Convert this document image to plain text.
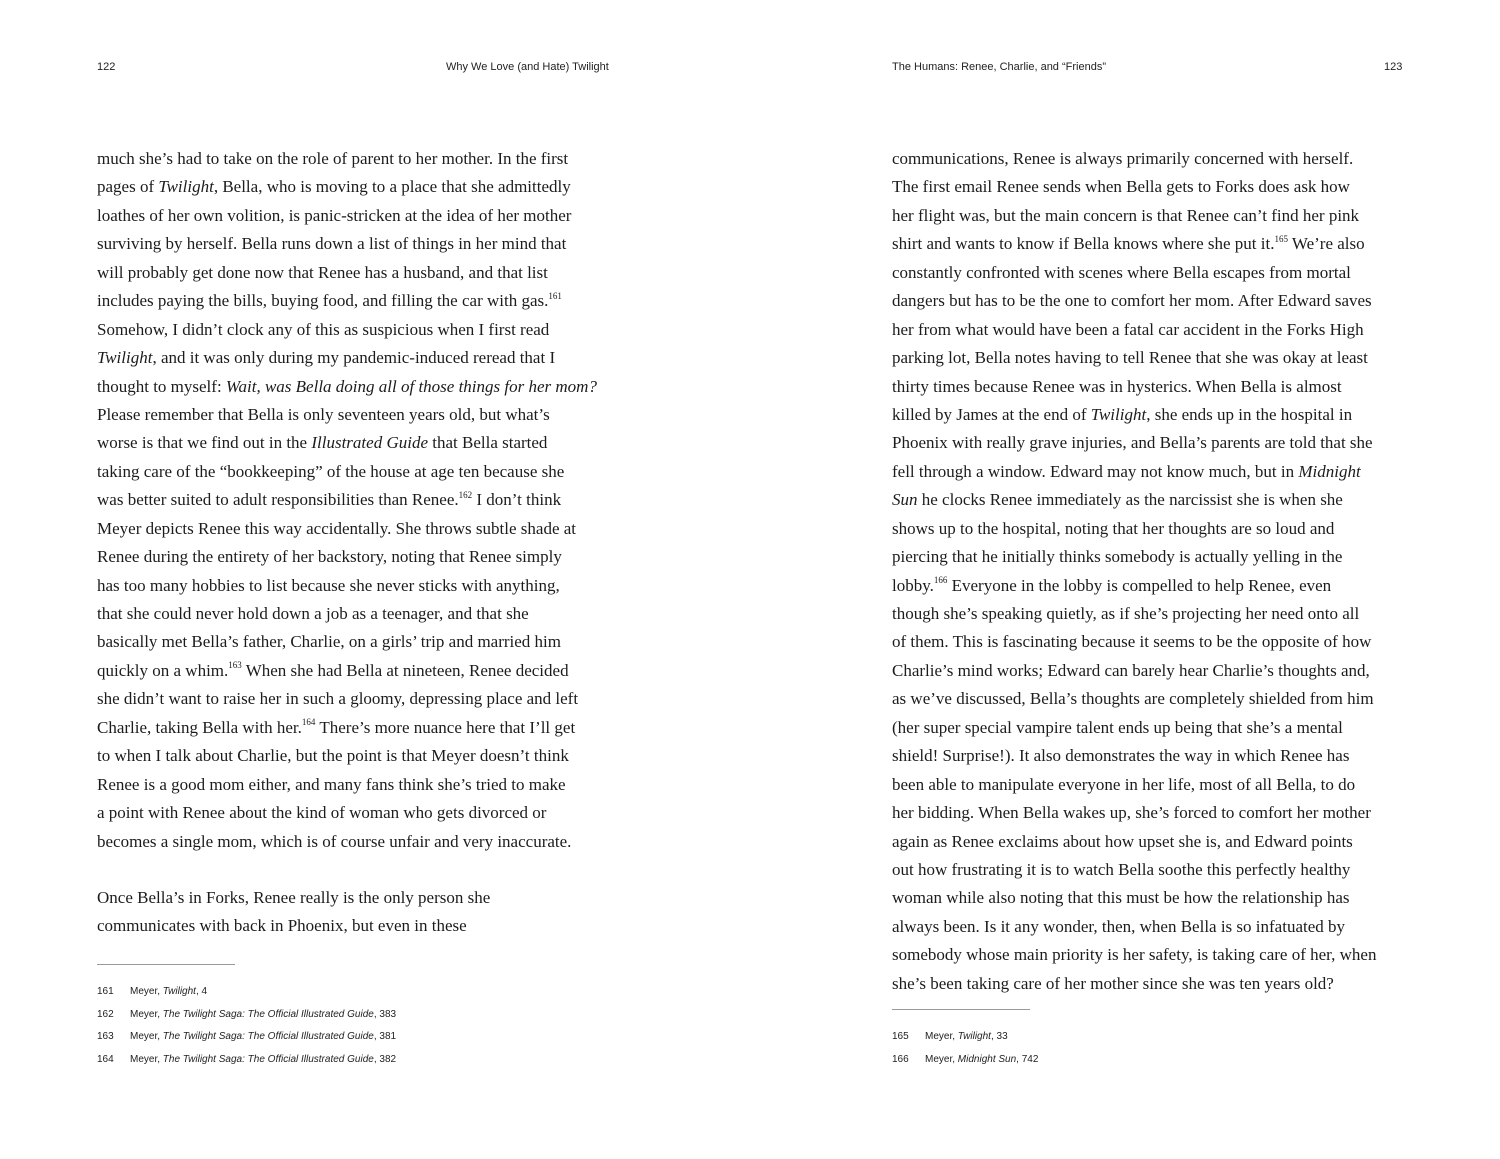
122	Why We Love (and Hate) Twilight
much she’s had to take on the role of parent to her mother. In the first
pages of Twilight, Bella, who is moving to a place that she admittedly
loathes of her own volition, is panic-stricken at the idea of her mother
surviving by herself. Bella runs down a list of things in her mind that
will probably get done now that Renee has a husband, and that list
includes paying the bills, buying food, and filling the car with gas.$^{161}$
Somehow, I didn’t clock any of this as suspicious when I first read
Twilight, and it was only during my pandemic-induced reread that I
thought to myself: Wait, was Bella doing all of those things for her mom?
Please remember that Bella is only seventeen years old, but what’s
worse is that we find out in the Illustrated Guide that Bella started
taking care of the “bookkeeping” of the house at age ten because she
was better suited to adult responsibilities than Renee.$^{162}$ I don’t think
Meyer depicts Renee this way accidentally. She throws subtle shade at
Renee during the entirety of her backstory, noting that Renee simply
has too many hobbies to list because she never sticks with anything,
that she could never hold down a job as a teenager, and that she
basically met Bella’s father, Charlie, on a girls’ trip and married him
quickly on a whim.$^{163}$ When she had Bella at nineteen, Renee decided
she didn’t want to raise her in such a gloomy, depressing place and left
Charlie, taking Bella with her.$^{164}$ There’s more nuance here that I’ll get
to when I talk about Charlie, but the point is that Meyer doesn’t think
Renee is a good mom either, and many fans think she’s tried to make
a point with Renee about the kind of woman who gets divorced or
becomes a single mom, which is of course unfair and very inaccurate.
Once Bella’s in Forks, Renee really is the only person she
communicates with back in Phoenix, but even in these
161 Meyer, Twilight, 4
162 Meyer, The Twilight Saga: The Official Illustrated Guide, 383
163 Meyer, The Twilight Saga: The Official Illustrated Guide, 381
164 Meyer, The Twilight Saga: The Official Illustrated Guide, 382
The Humans: Renee, Charlie, and “Friends”	123
communications, Renee is always primarily concerned with herself.
The first email Renee sends when Bella gets to Forks does ask how
her flight was, but the main concern is that Renee can’t find her pink
shirt and wants to know if Bella knows where she put it.$^{165}$ We’re also
constantly confronted with scenes where Bella escapes from mortal
dangers but has to be the one to comfort her mom. After Edward saves
her from what would have been a fatal car accident in the Forks High
parking lot, Bella notes having to tell Renee that she was okay at least
thirty times because Renee was in hysterics. When Bella is almost
killed by James at the end of Twilight, she ends up in the hospital in
Phoenix with really grave injuries, and Bella’s parents are told that she
fell through a window. Edward may not know much, but in Midnight
Sun he clocks Renee immediately as the narcissist she is when she
shows up to the hospital, noting that her thoughts are so loud and
piercing that he initially thinks somebody is actually yelling in the
lobby.$^{166}$ Everyone in the lobby is compelled to help Renee, even
though she’s speaking quietly, as if she’s projecting her need onto all
of them. This is fascinating because it seems to be the opposite of how
Charlie’s mind works; Edward can barely hear Charlie’s thoughts and,
as we’ve discussed, Bella’s thoughts are completely shielded from him
(her super special vampire talent ends up being that she’s a mental
shield! Surprise!). It also demonstrates the way in which Renee has
been able to manipulate everyone in her life, most of all Bella, to do
her bidding. When Bella wakes up, she’s forced to comfort her mother
again as Renee exclaims about how upset she is, and Edward points
out how frustrating it is to watch Bella soothe this perfectly healthy
woman while also noting that this must be how the relationship has
always been. Is it any wonder, then, when Bella is so infatuated by
somebody whose main priority is her safety, is taking care of her, when
she’s been taking care of her mother since she was ten years old?
165 Meyer, Twilight, 33
166 Meyer, Midnight Sun, 742
